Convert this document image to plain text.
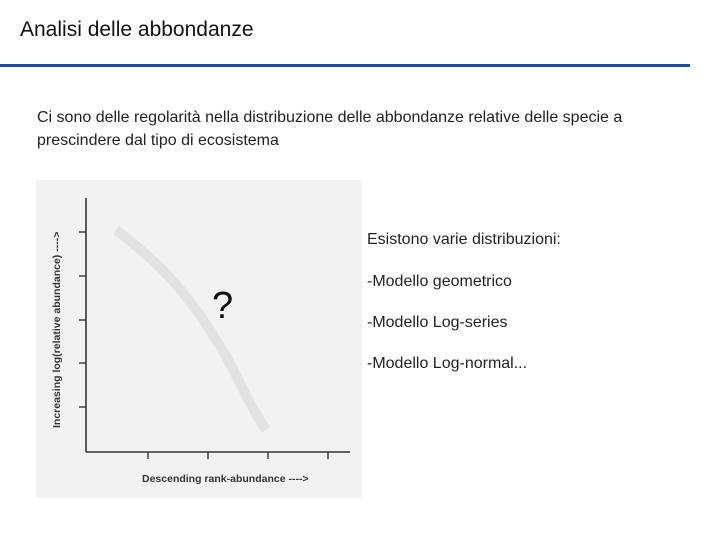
Analisi delle abbondanze
Ci sono delle regolarità nella distribuzione delle abbondanze relative delle specie a prescindere dal tipo di ecosistema
Increasing log(relative abundance) ---->
Descending rank-abundance ---->
?
Esistono varie distribuzioni:
-Modello geometrico
-Modello Log-series
-Modello Log-normal...
